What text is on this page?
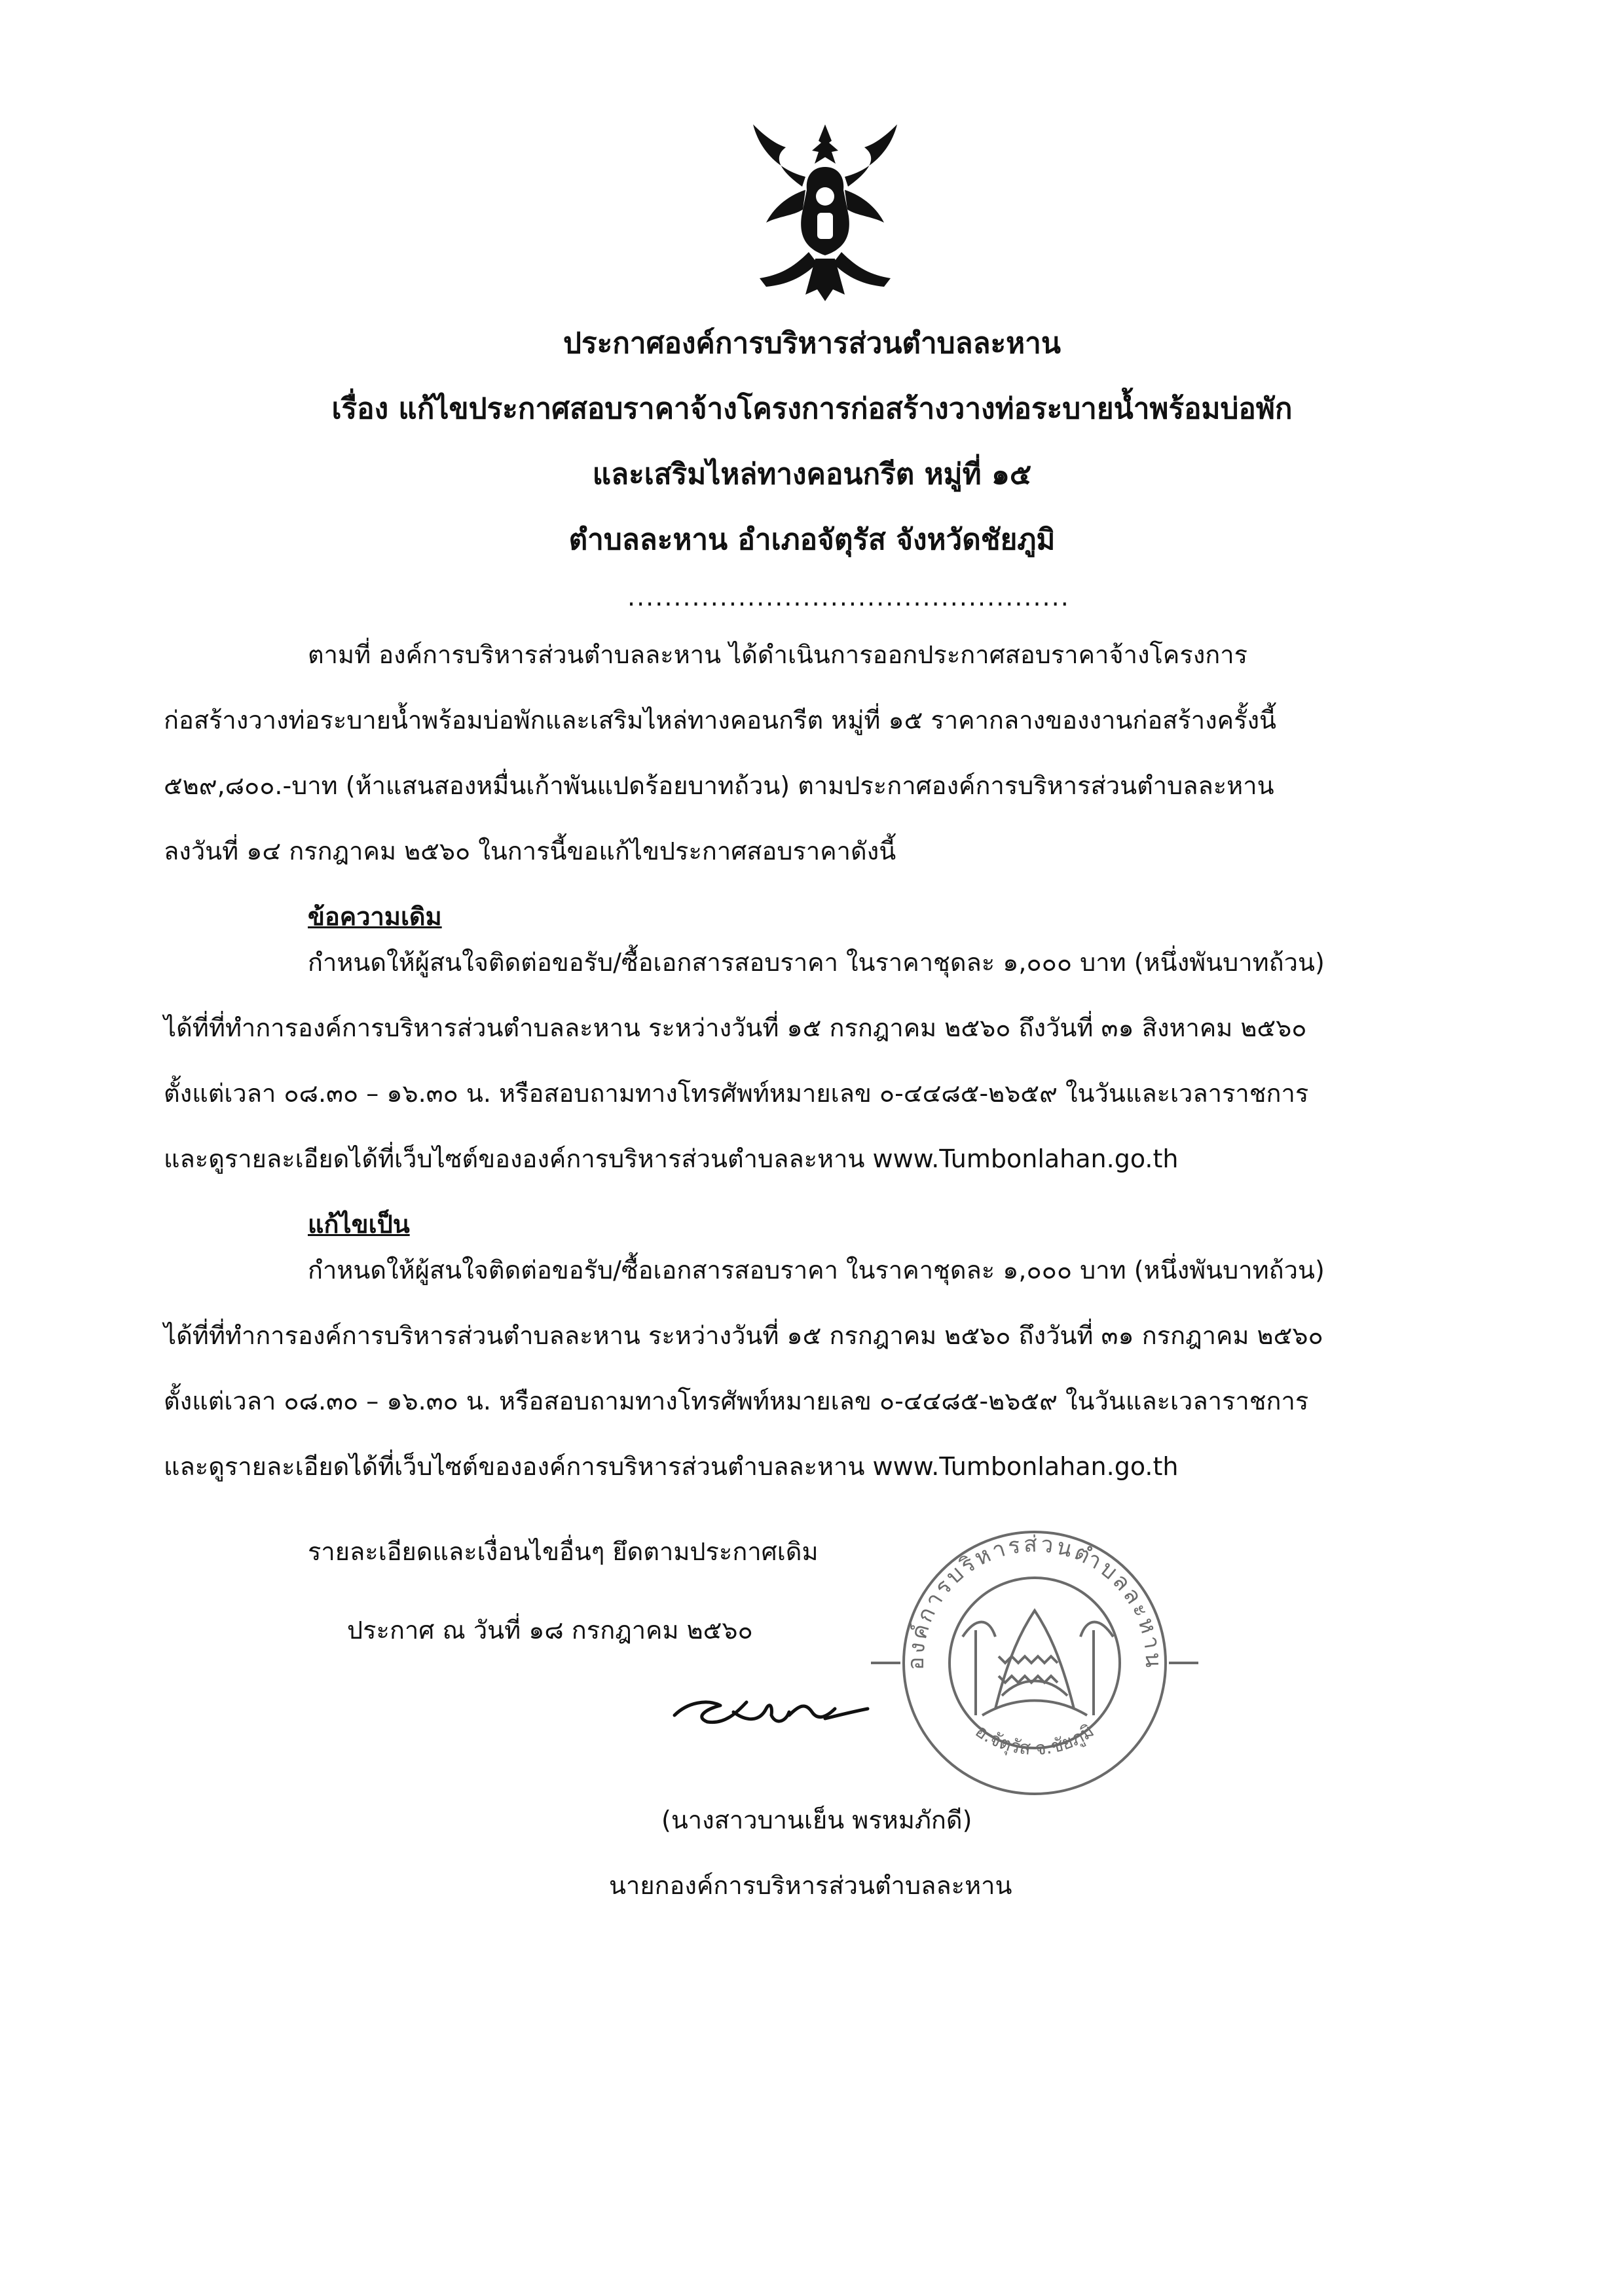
ประกาศองค์การบริหารส่วนตำบลละหาน
เรื่อง แก้ไขประกาศสอบราคาจ้างโครงการก่อสร้างวางท่อระบายน้ำพร้อมบ่อพัก
และเสริมไหล่ทางคอนกรีต หมู่ที่ ๑๕
ตำบลละหาน อำเภอจัตุรัส จังหวัดชัยภูมิ
................................................
ตามที่ องค์การบริหารส่วนตำบลละหาน ได้ดำเนินการออกประกาศสอบราคาจ้างโครงการ
ก่อสร้างวางท่อระบายน้ำพร้อมบ่อพักและเสริมไหล่ทางคอนกรีต หมู่ที่ ๑๕ ราคากลางของงานก่อสร้างครั้งนี้
๕๒๙,๘๐๐.-บาท (ห้าแสนสองหมื่นเก้าพันแปดร้อยบาทถ้วน) ตามประกาศองค์การบริหารส่วนตำบลละหาน
ลงวันที่ ๑๔ กรกฎาคม ๒๕๖๐ ในการนี้ขอแก้ไขประกาศสอบราคาดังนี้
ข้อความเดิม
กำหนดให้ผู้สนใจติดต่อขอรับ/ซื้อเอกสารสอบราคา ในราคาชุดละ ๑,๐๐๐ บาท (หนึ่งพันบาทถ้วน)
ได้ที่ที่ทำการองค์การบริหารส่วนตำบลละหาน ระหว่างวันที่ ๑๕ กรกฎาคม ๒๕๖๐ ถึงวันที่ ๓๑ สิงหาคม ๒๕๖๐
ตั้งแต่เวลา ๐๘.๓๐ – ๑๖.๓๐ น. หรือสอบถามทางโทรศัพท์หมายเลข ๐-๔๔๘๕-๒๖๕๙ ในวันและเวลาราชการ
และดูรายละเอียดได้ที่เว็บไซต์ขององค์การบริหารส่วนตำบลละหาน www.Tumbonlahan.go.th
แก้ไขเป็น
กำหนดให้ผู้สนใจติดต่อขอรับ/ซื้อเอกสารสอบราคา ในราคาชุดละ ๑,๐๐๐ บาท (หนึ่งพันบาทถ้วน)
ได้ที่ที่ทำการองค์การบริหารส่วนตำบลละหาน ระหว่างวันที่ ๑๕ กรกฎาคม ๒๕๖๐ ถึงวันที่ ๓๑ กรกฎาคม ๒๕๖๐
ตั้งแต่เวลา ๐๘.๓๐ – ๑๖.๓๐ น. หรือสอบถามทางโทรศัพท์หมายเลข ๐-๔๔๘๕-๒๖๕๙ ในวันและเวลาราชการ
และดูรายละเอียดได้ที่เว็บไซต์ขององค์การบริหารส่วนตำบลละหาน www.Tumbonlahan.go.th
รายละเอียดและเงื่อนไขอื่นๆ ยึดตามประกาศเดิม
ประกาศ ณ วันที่ ๑๘ กรกฎาคม ๒๕๖๐
องค์การบริหารส่วนตำบลละหาน
อ.จัตุรัส จ.ชัยภูมิ
(นางสาวบานเย็น พรหมภักดี)
นายกองค์การบริหารส่วนตำบลละหาน
